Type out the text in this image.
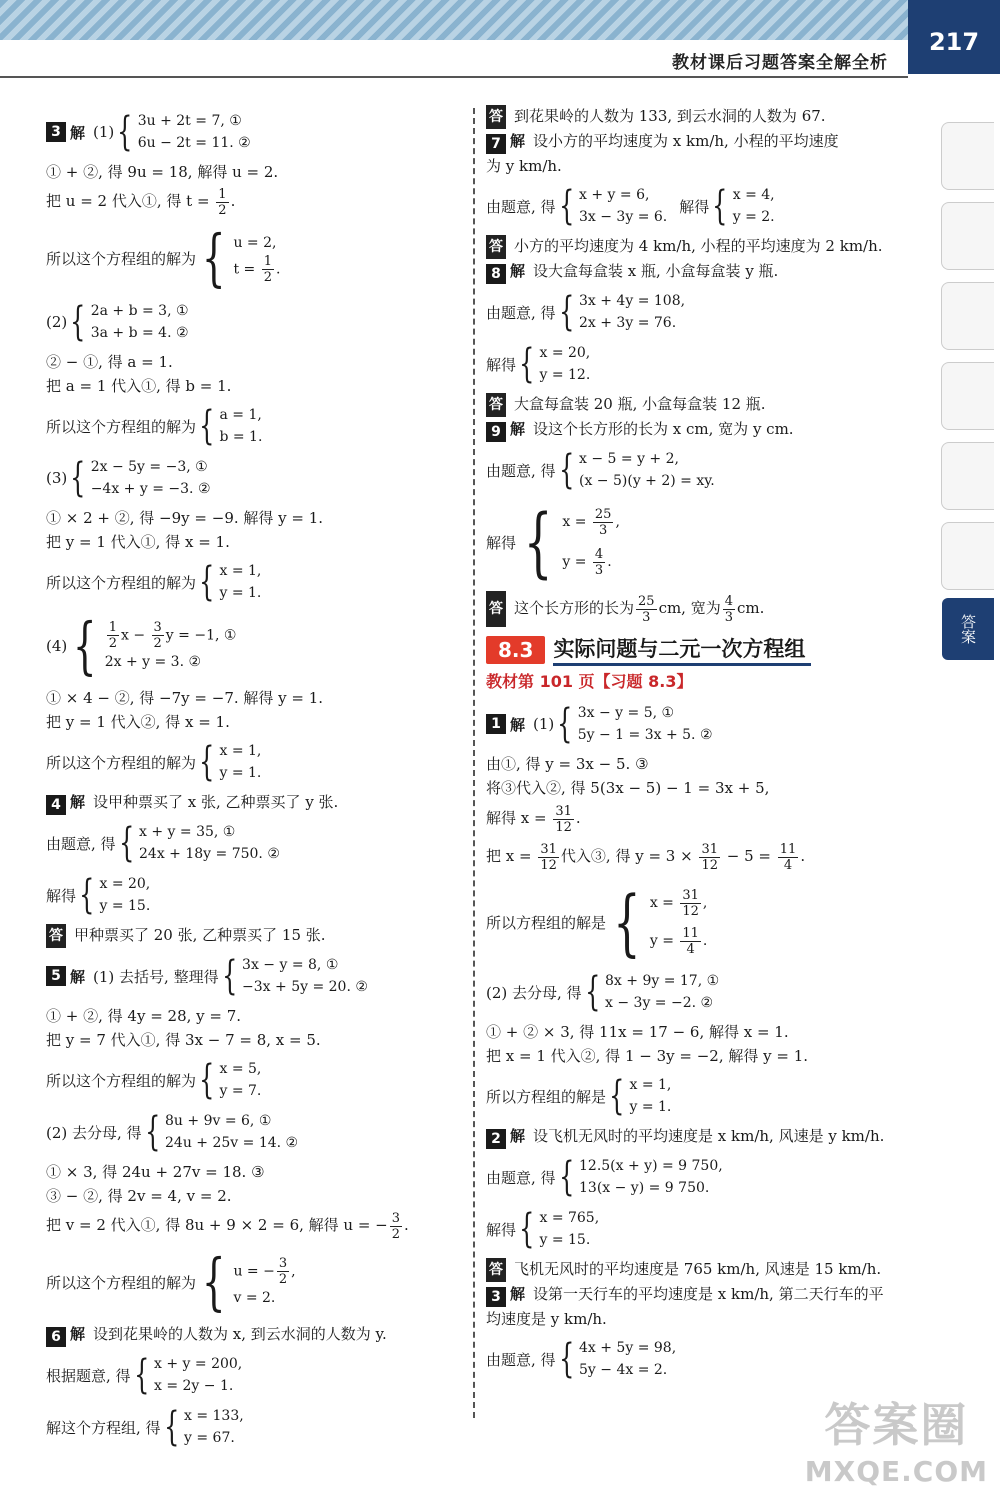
教材课后习题答案全解全析
217
答案
3 解 (1) { 3u + 2t = 7, ①
6u − 2t = 11. ②
① + ②, 得 9u = 18, 解得 u = 2.
把 u = 2 代入①, 得 $t = \frac{1}{2}$ .
所以这个方程组的解为 { u = 2,
$t = \frac{1}{2}$ .
(2) { 2a + b = 3, ①
3a + b = 4. ②
② − ①, 得 a = 1.
把 a = 1 代入①, 得 b = 1.
所以这个方程组的解为 { a = 1,
b = 1.
(3) { 2x − 5y = −3, ①
−4x + y = −3. ②
① × 2 + ②, 得 −9y = −9. 解得 y = 1.
把 y = 1 代入①, 得 x = 1.
所以这个方程组的解为 { x = 1,
y = 1.
(4) { $\frac{1}{2}$ $x - \frac{3}{2}$ y = −1, ①
2x + y = 3. ②
① × 4 − ②, 得 −7y = −7. 解得 y = 1.
把 y = 1 代入②, 得 x = 1.
所以这个方程组的解为 { x = 1,
y = 1.
4 解 设甲种票买了 x 张, 乙种票买了 y 张.
由题意, 得 { x + y = 35, ①
24x + 18y = 750. ②
解得 { x = 20,
y = 15.
答 甲种票买了 20 张, 乙种票买了 15 张.
5 解 (1) 去括号, 整理得 { 3x − y = 8, ①
−3x + 5y = 20. ②
① + ②, 得 4y = 28, y = 7.
把 y = 7 代入①, 得 3x − 7 = 8, x = 5.
所以这个方程组的解为 { x = 5,
y = 7.
(2) 去分母, 得 { 8u + 9v = 6, ①
24u + 25v = 14. ②
① × 3, 得 24u + 27v = 18. ③
③ − ②, 得 2v = 4, v = 2.
把 v = 2 代入①, 得 8u + 9 × 2 = 6, 解得 u = − $\frac{3}{2}$ .
所以这个方程组的解为 { u = − $\frac{3}{2}$ ,
v = 2.
6 解 设到花果岭的人数为 x, 到云水洞的人数为 y.
根据题意, 得 { x + y = 200,
x = 2y − 1.
解这个方程组, 得 { x = 133,
y = 67.
答 到花果岭的人数为 133, 到云水洞的人数为 67.
7 解 设小方的平均速度为 x km/h, 小程的平均速度
为 y km/h.
由题意, 得 { x + y = 6,
3x − 3y = 6.
解得 { x = 4,
y = 2.
答 小方的平均速度为 4 km/h, 小程的平均速度为 2 km/h.
8 解 设大盒每盒装 x 瓶, 小盒每盒装 y 瓶.
由题意, 得 { 3x + 4y = 108,
2x + 3y = 76.
解得 { x = 20,
y = 12.
答 大盒每盒装 20 瓶, 小盒每盒装 12 瓶.
9 解 设这个长方形的长为 x cm, 宽为 y cm.
由题意, 得 { x − 5 = y + 2,
(x − 5)(y + 2) = xy.
解得 { $x = \frac{25}{3}$ ,
$y = \frac{4}{3}$ .
答 这个长方形的长为 $\frac{25}{3}$ cm, 宽为 $\frac{4}{3}$ cm.
8.3 实际问题与二元一次方程组
教材第 101 页【习题 8.3】
1 解 (1) { 3x − y = 5, ①
5y − 1 = 3x + 5. ②
由①, 得 y = 3x − 5. ③
将③代入②, 得 5(3x − 5) − 1 = 3x + 5,
解得 $x = \frac{31}{12}$ .
把 $x = \frac{31}{12}$ 代入③, 得 $y = 3 \times \frac{31}{12} - 5 = \frac{11}{4}$ .
所以方程组的解是 { $x = \frac{31}{12}$ ,
$y = \frac{11}{4}$ .
(2) 去分母, 得 { 8x + 9y = 17, ①
x − 3y = −2. ②
① + ② × 3, 得 11x = 17 − 6, 解得 x = 1.
把 x = 1 代入②, 得 1 − 3y = −2, 解得 y = 1.
所以方程组的解是 { x = 1,
y = 1.
2 解 设飞机无风时的平均速度是 x km/h, 风速是 y km/h.
由题意, 得 { 12.5(x + y) = 9 750,
13(x − y) = 9 750.
解得 { x = 765,
y = 15.
答 飞机无风时的平均速度是 765 km/h, 风速是 15 km/h.
3 解 设第一天行车的平均速度是 x km/h, 第二天行车的平
均速度是 y km/h.
由题意, 得 { 4x + 5y = 98,
5y − 4x = 2.
答案圈
MXQE.COM
